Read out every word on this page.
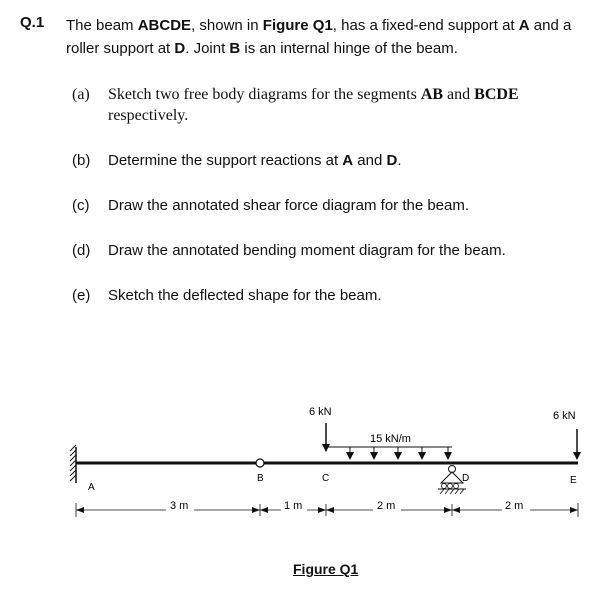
Q.1 The beam ABCDE, shown in Figure Q1, has a fixed-end support at A and a roller support at D. Joint B is an internal hinge of the beam.
(a) Sketch two free body diagrams for the segments AB and BCDE respectively.
(b) Determine the support reactions at A and D.
(c) Draw the annotated shear force diagram for the beam.
(d) Draw the annotated bending moment diagram for the beam.
(e) Sketch the deflected shape for the beam.
A
B	C	D	E
6 kN
15 kN/m
6 kN
3 m	1 m	2 m	2 m
Figure Q1
